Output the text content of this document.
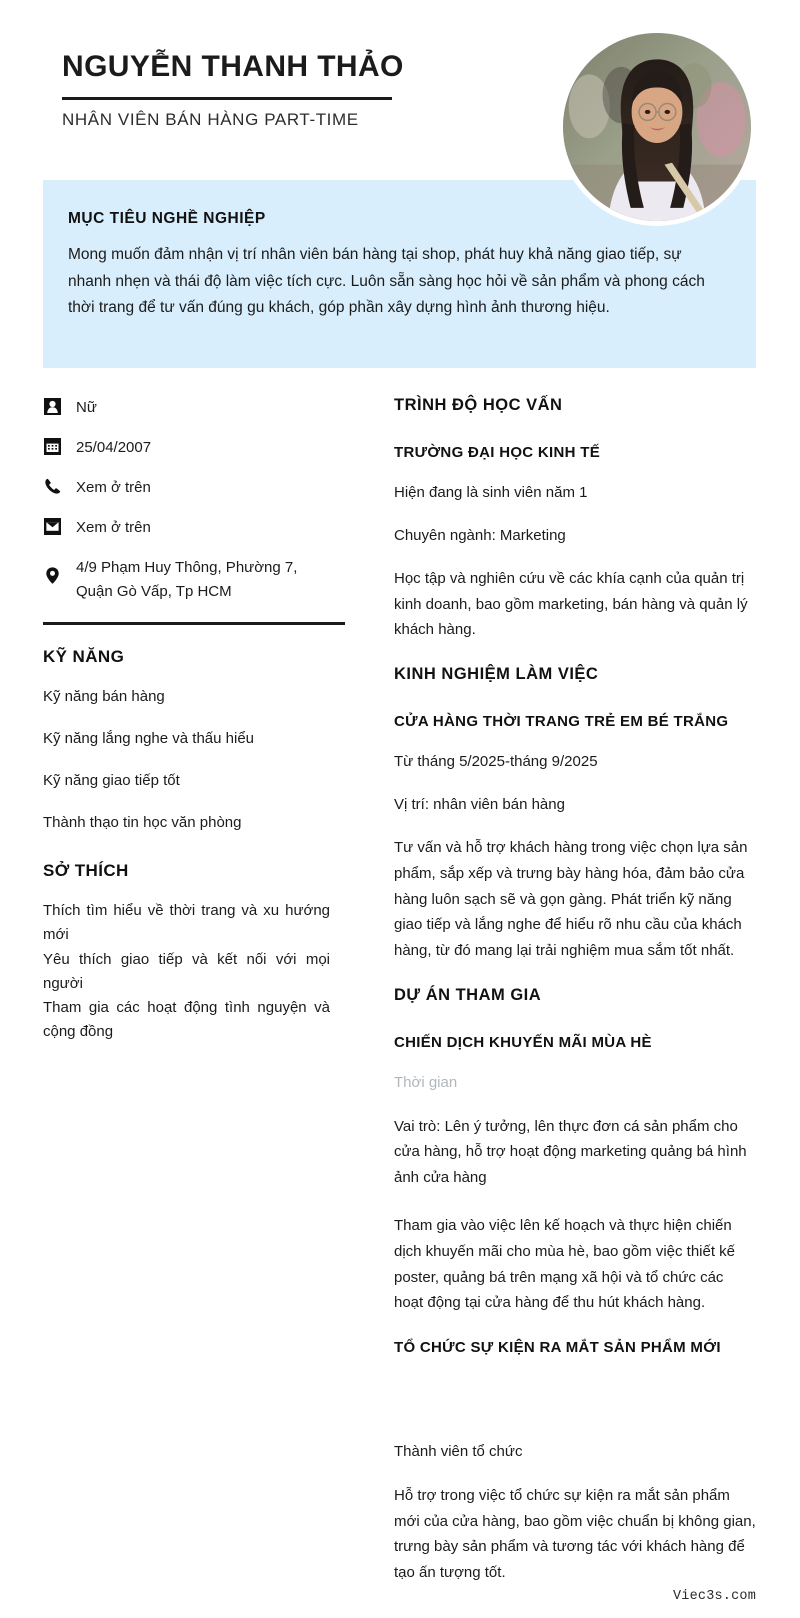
NGUYỄN THANH THẢO
NHÂN VIÊN BÁN HÀNG PART-TIME
MỤC TIÊU NGHỀ NGHIỆP
Mong muốn đảm nhận vị trí nhân viên bán hàng tại shop, phát huy khả năng giao tiếp, sự nhanh nhẹn và thái độ làm việc tích cực. Luôn sẵn sàng học hỏi về sản phẩm và phong cách thời trang để tư vấn đúng gu khách, góp phần xây dựng hình ảnh thương hiệu.
Nữ
25/04/2007
Xem ở trên
Xem ở trên
4/9 Phạm Huy Thông, Phường 7, Quận Gò Vấp, Tp HCM
KỸ NĂNG
Kỹ năng bán hàng
Kỹ năng lắng nghe và thấu hiểu
Kỹ năng giao tiếp tốt
Thành thạo tin học văn phòng
SỞ THÍCH
Thích tìm hiểu về thời trang và xu hướng mới
Yêu thích giao tiếp và kết nối với mọi người
Tham gia các hoạt động tình nguyện và cộng đồng
TRÌNH ĐỘ HỌC VẤN
TRƯỜNG ĐẠI HỌC KINH TẾ
Hiện đang là sinh viên năm 1
Chuyên ngành: Marketing
Học tập và nghiên cứu về các khía cạnh của quản trị kinh doanh, bao gồm marketing, bán hàng và quản lý khách hàng.
KINH NGHIỆM LÀM VIỆC
CỬA HÀNG THỜI TRANG TRẺ EM BÉ TRẮNG
Từ tháng 5/2025-tháng 9/2025
Vị trí: nhân viên bán hàng
Tư vấn và hỗ trợ khách hàng trong việc chọn lựa sản phẩm, sắp xếp và trưng bày hàng hóa, đảm bảo cửa hàng luôn sạch sẽ và gọn gàng. Phát triển kỹ năng giao tiếp và lắng nghe để hiểu rõ nhu cầu của khách hàng, từ đó mang lại trải nghiệm mua sắm tốt nhất.
DỰ ÁN THAM GIA
CHIẾN DỊCH KHUYẾN MÃI MÙA HÈ
Thời gian
Vai trò: Lên ý tưởng, lên thực đơn cá sản phẩm cho cửa hàng, hỗ trợ hoạt động marketing quảng bá hình ảnh cửa hàng
Tham gia vào việc lên kế hoạch và thực hiện chiến dịch khuyến mãi cho mùa hè, bao gồm việc thiết kế poster, quảng bá trên mạng xã hội và tổ chức các hoạt động tại cửa hàng để thu hút khách hàng.
TỔ CHỨC SỰ KIỆN RA MẮT SẢN PHẨM MỚI
Thành viên tổ chức
Hỗ trợ trong việc tổ chức sự kiện ra mắt sản phẩm mới của cửa hàng, bao gồm việc chuẩn bị không gian, trưng bày sản phẩm và tương tác với khách hàng để tạo ấn tượng tốt.
Viec3s.com
